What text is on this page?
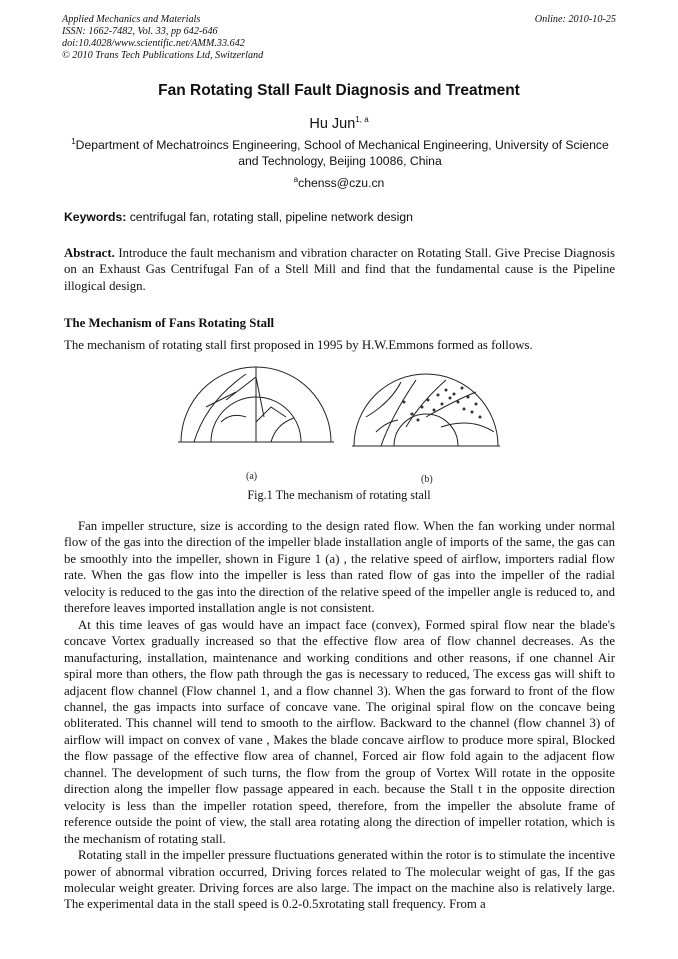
Applied Mechanics and Materials
ISSN: 1662-7482, Vol. 33, pp 642-646
doi:10.4028/www.scientific.net/AMM.33.642
© 2010 Trans Tech Publications Ltd, Switzerland
Online: 2010-10-25
Fan Rotating Stall Fault Diagnosis and Treatment
Hu Jun$^{1, a}$
$^1$Department of Mechatroincs Engineering, School of Mechanical Engineering, University of Science and Technology, Beijing 10086, China
$^a$chenss@czu.cn
Keywords: centrifugal fan, rotating stall, pipeline network design
Abstract. Introduce the fault mechanism and vibration character on Rotating Stall. Give Precise Diagnosis on an Exhaust Gas Centrifugal Fan of a Stell Mill and find that the fundamental cause is the Pipeline illogical design.
The Mechanism of Fans Rotating Stall
The mechanism of rotating stall first proposed in 1995 by H.W.Emmons formed as follows.
(a)	(b)
Fig.1 The mechanism of rotating stall

Fan impeller structure, size is according to the design rated flow. When the fan working under normal flow of the gas into the direction of the impeller blade installation angle of imports of the same, the gas can be smoothly into the impeller, shown in Figure 1 (a) , the relative speed of airflow, importers radial flow rate. When the gas flow into the impeller is less than rated flow of gas into the impeller of the radial velocity is reduced to the gas into the direction of the relative speed of the impeller angle is reduced to, and therefore leaves imported installation angle is not consistent.

At this time leaves of gas would have an impact face (convex), Formed spiral flow near the blade's concave Vortex gradually increased so that the effective flow area of flow channel decreases. As the manufacturing, installation, maintenance and working conditions and other reasons, if one channel Air spiral more than others, the flow path through the gas is necessary to reduced, The excess gas will shift to adjacent flow channel (Flow channel 1, and a flow channel 3). When the gas forward to front of the flow channel, the gas impacts into surface of concave vane. The original spiral flow on the concave being obliterated. This channel will tend to smooth to the airflow. Backward to the channel (flow channel 3) of airflow will impact on convex of vane , Makes the blade concave airflow to produce more spiral, Blocked the flow passage of the effective flow area of channel, Forced air flow fold again to the adjacent flow channel. The development of such turns, the flow from the group of Vortex Will rotate in the opposite direction along the impeller flow passage appeared in each. because the Stall t in the opposite direction velocity is less than the impeller rotation speed, therefore, from the impeller the absolute frame of reference outside the point of view, the stall area rotating along the direction of impeller rotation, which is the mechanism of rotating stall.

Rotating stall in the impeller pressure fluctuations generated within the rotor is to stimulate the incentive power of abnormal vibration occurred, Driving forces related to The molecular weight of gas, If the gas molecular weight greater. Driving forces are also large. The impact on the machine also is relatively large. The experimental data in the stall speed is 0.2-0.5xrotating stall frequency. From a
